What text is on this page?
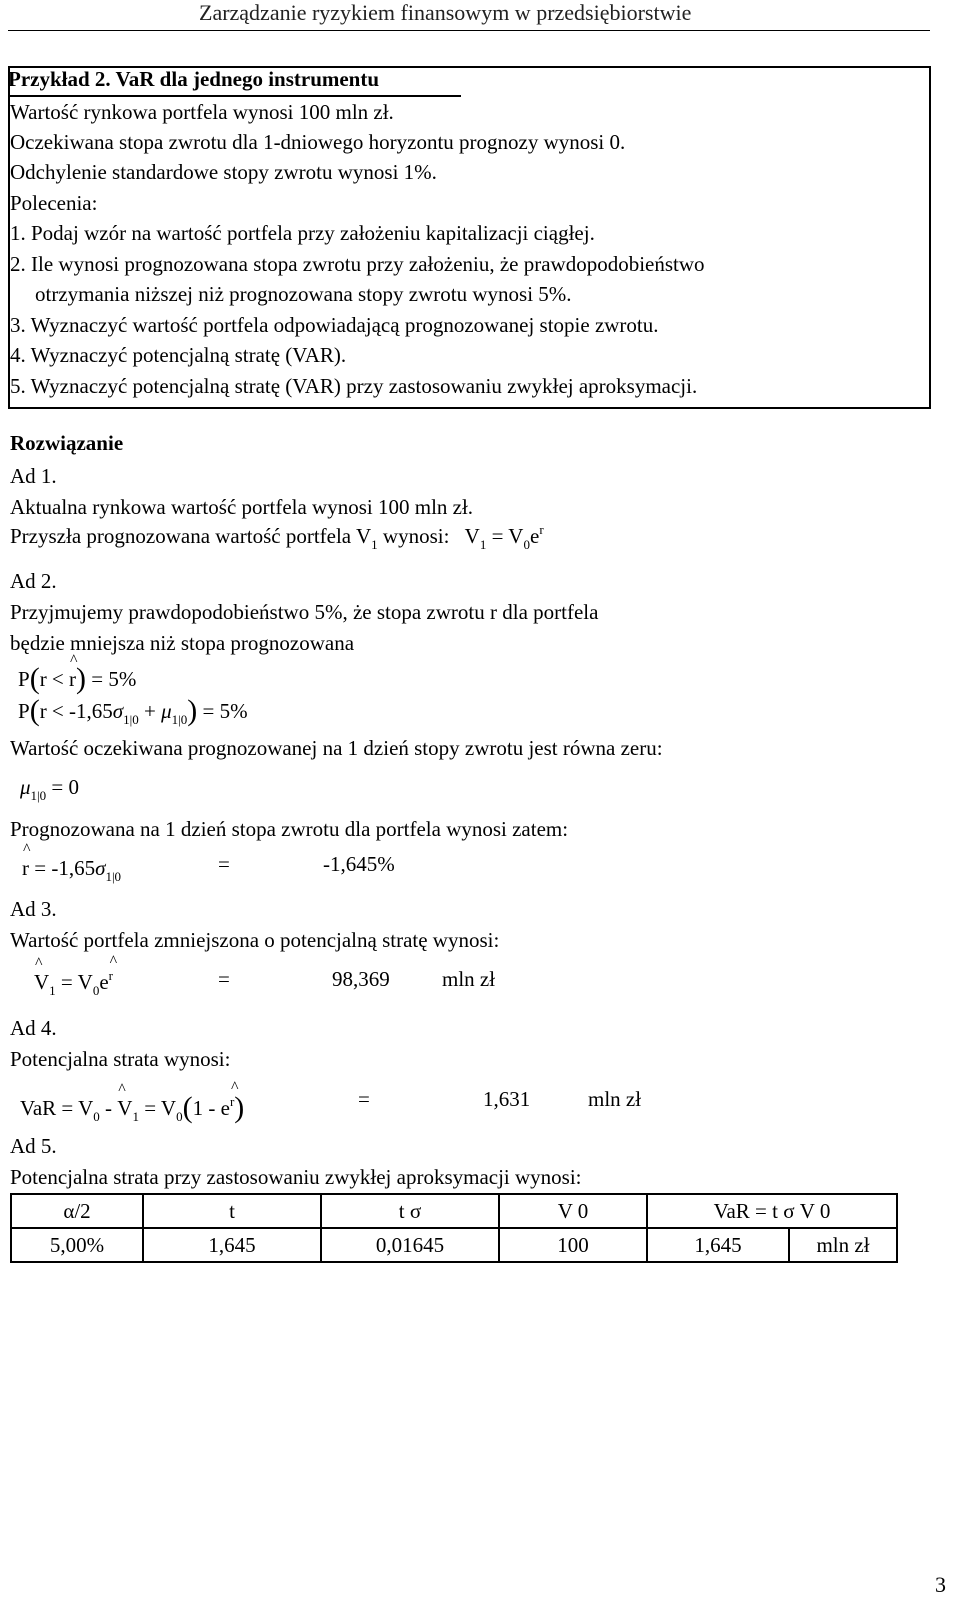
Zarządzanie ryzykiem finansowym w przedsiębiorstwie
Przykład 2. VaR dla jednego instrumentu
Wartość rynkowa portfela wynosi 100 mln zł.
Oczekiwana stopa zwrotu dla 1-dniowego horyzontu prognozy wynosi 0.
Odchylenie standardowe stopy zwrotu wynosi 1%.
Polecenia:
1. Podaj wzór na wartość portfela przy założeniu kapitalizacji ciągłej.
2. Ile wynosi prognozowana stopa zwrotu przy założeniu, że prawdopodobieństwo
otrzymania niższej niż prognozowana stopy zwrotu wynosi 5%.
3. Wyznaczyć wartość portfela odpowiadającą prognozowanej stopie zwrotu.
4. Wyznaczyć potencjalną stratę (VAR).
5. Wyznaczyć potencjalną stratę (VAR) przy zastosowaniu zwykłej aproksymacji.
Rozwiązanie
Ad 1.
Aktualna rynkowa wartość portfela wynosi 100 mln zł.
Przyszła prognozowana wartość portfela $V_1$ wynosi: $V_1 = V_0e^r$
Ad 2.
Przyjmujemy prawdopodobieństwo 5%, że stopa zwrotu r dla portfela
będzie mniejsza niż stopa prognozowana
P(r < ^ r) = 5%
$P(r < -1,65\sigma_{1|0} + \mu_{1|0}) = 5\%$
Wartość oczekiwana prognozowanej na 1 dzień stopy zwrotu jest równa zeru:
$\mu_{1|0} = 0$
Prognozowana na 1 dzień stopa zwrotu dla portfela wynosi zatem:
^ $r = -1,65\sigma_{1|0}$
=	-1,645%
Ad 3.
Wartość portfela zmniejszona o potencjalną stratę wynosi:
^ $V_1$ = $V_0e\^{}$ $^r$	=	98,369 mln zł
Ad 4.
Potencjalna strata wynosi:
VaR = $V_0$ - ^ $V_1 = V_0(1$ - e^ $^r$)	=	1,631	mln zł
Ad 5.
Potencjalna strata przy zastosowaniu zwykłej aproksymacji wynosi:
α/2	t	t σ	V 0	VaR = t σ V 0	
5,00%	1,645	0,01645	100	1,645	mln zł
3
